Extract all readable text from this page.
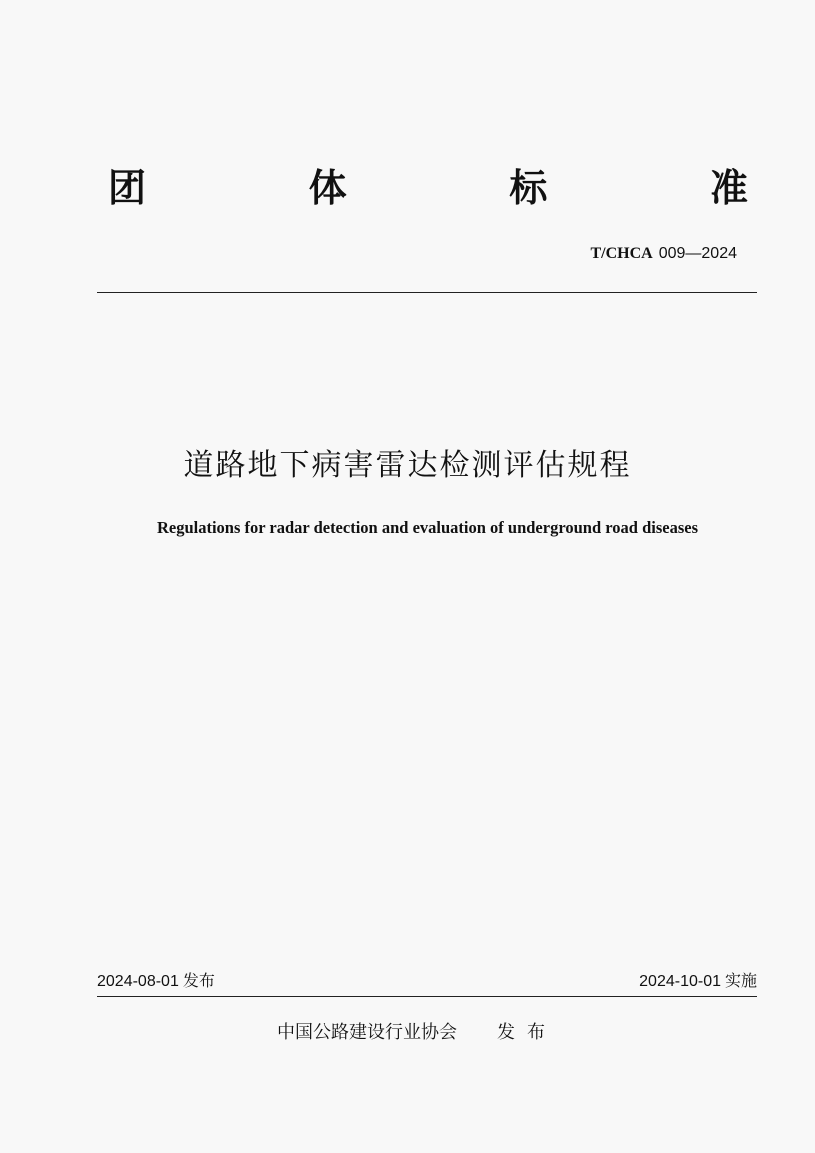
团	体	标	准
T/CHCA 009—2024
道路地下病害雷达检测评估规程
Regulations for radar detection and evaluation of underground road diseases
2024-08-01 发布	2024-10-01 实施
中国公路建设行业协会 发布
